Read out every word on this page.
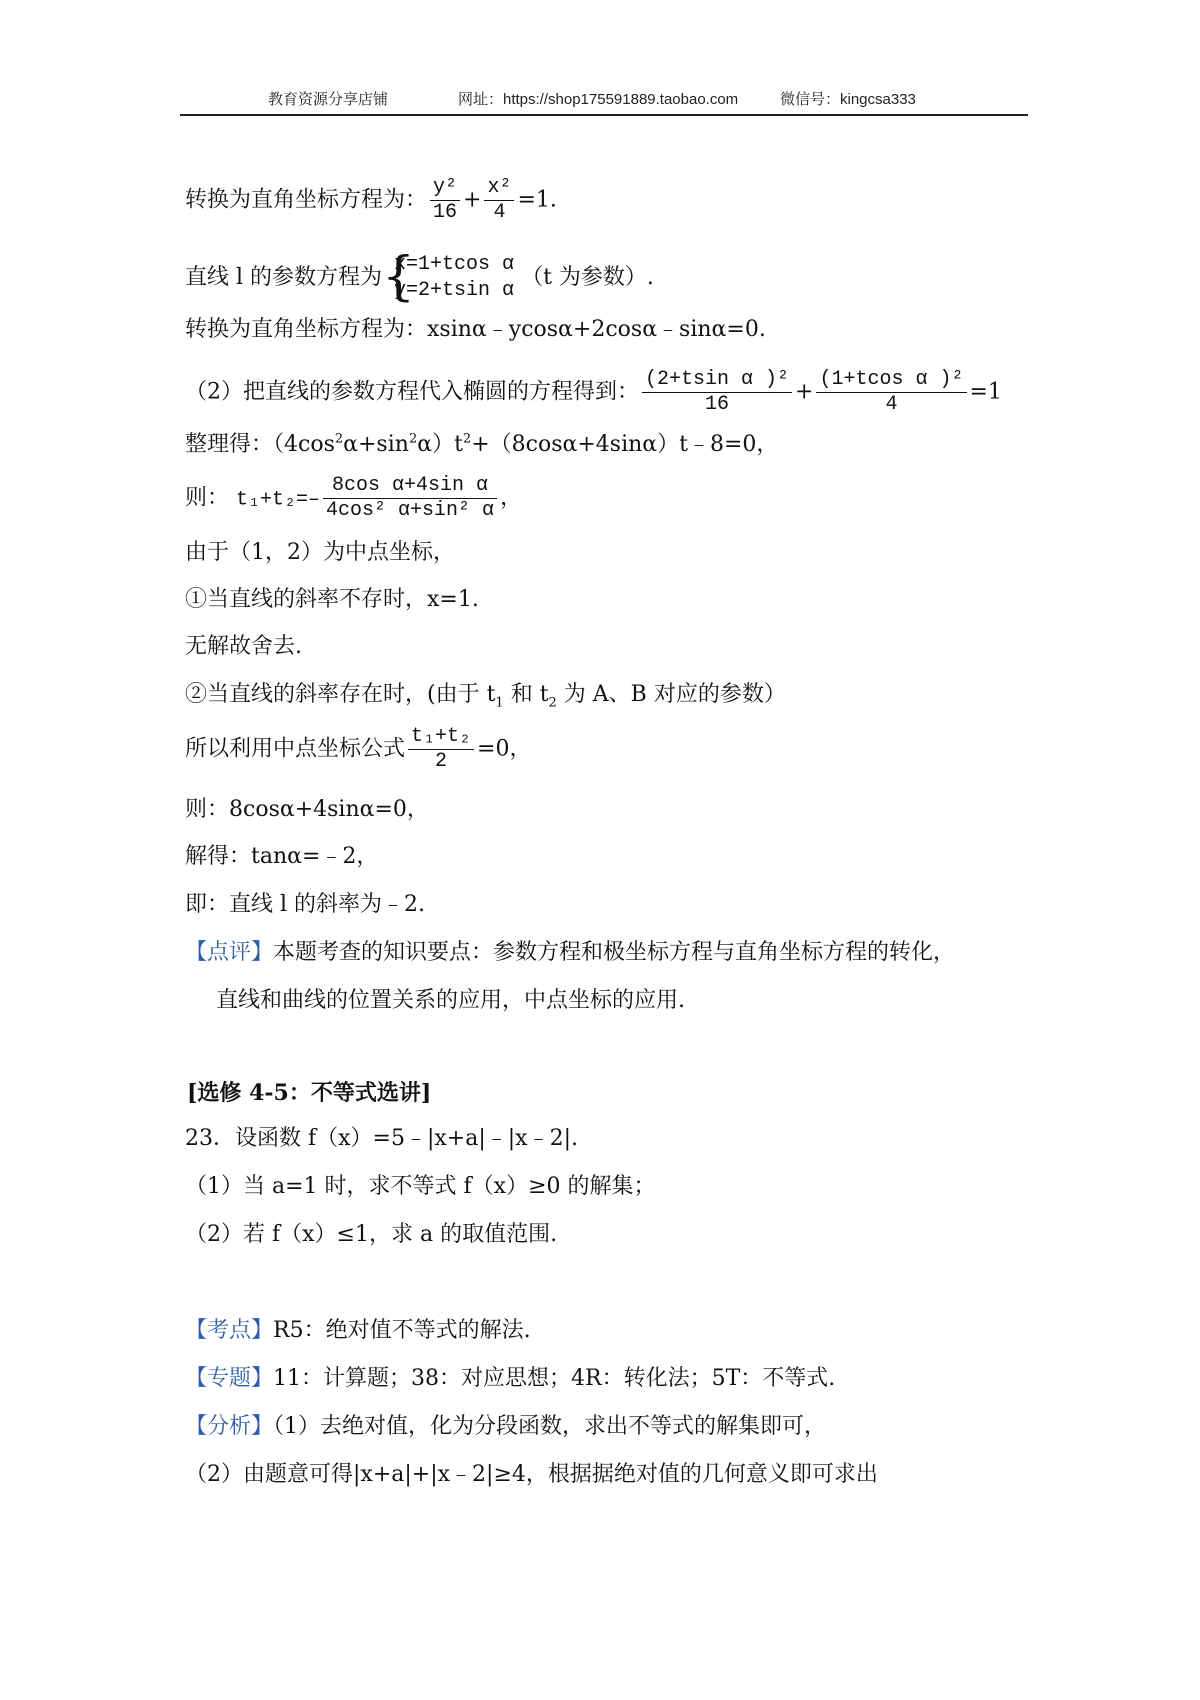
教育资源分享店铺	网址：https://shop175591889.taobao.com	微信号：kingcsa333
转换为直角坐标方程为： $\frac{\text{y²}}{16} + \frac{\text{x²}}{4} =1$.
直线 l 的参数方程为 {
x=1+tcos α
y=2+tsin α
（t 为参数）.
转换为直角坐标方程为：xsinα﹣ycosα+2cosα﹣sinα=0.
（2）把直线的参数方程代入椭圆的方程得到： $\frac{\text{(2+tsin α )²}}{16} + \frac{\text{(1+tcos α )²}}{4} =1$
整理得：$(4\cos^2\alpha+\sin^2\alpha)t^2+(8\cos\alpha+4\sin\alpha)t﹣8=0$，
则： $t_1+t_2=- \frac{\text{8cos α+4sin α}}{\text{4cos² α+sin² α}}$ ，
由于（1，2）为中点坐标，
①当直线的斜率不存时，x=1.
无解故舍去.
②当直线的斜率存在时，(由于 $t_1$ 和 $t_2$ 为 A、B 对应的参数）
所以利用中点坐标公式 $\frac{\text{t₁+t₂}}{2} =0$，
则：8cosα+4sinα=0，
解得：tanα=﹣2，
即：直线 l 的斜率为﹣2.
【点评】本题考查的知识要点：参数方程和极坐标方程与直角坐标方程的转化，
直线和曲线的位置关系的应用，中点坐标的应用.
[选修 4-5：不等式选讲]
23．设函数 f（x）=5﹣|x+a|﹣|x﹣2|.
（1）当 a=1 时，求不等式 f（x）≥0 的解集；
（2）若 f（x）≤1，求 a 的取值范围.
【考点】R5：绝对值不等式的解法.
【专题】11：计算题；38：对应思想；4R：转化法；5T：不等式.
【分析】（1）去绝对值，化为分段函数，求出不等式的解集即可，
（2）由题意可得|x+a|+|x﹣2|≥4，根据据绝对值的几何意义即可求出
